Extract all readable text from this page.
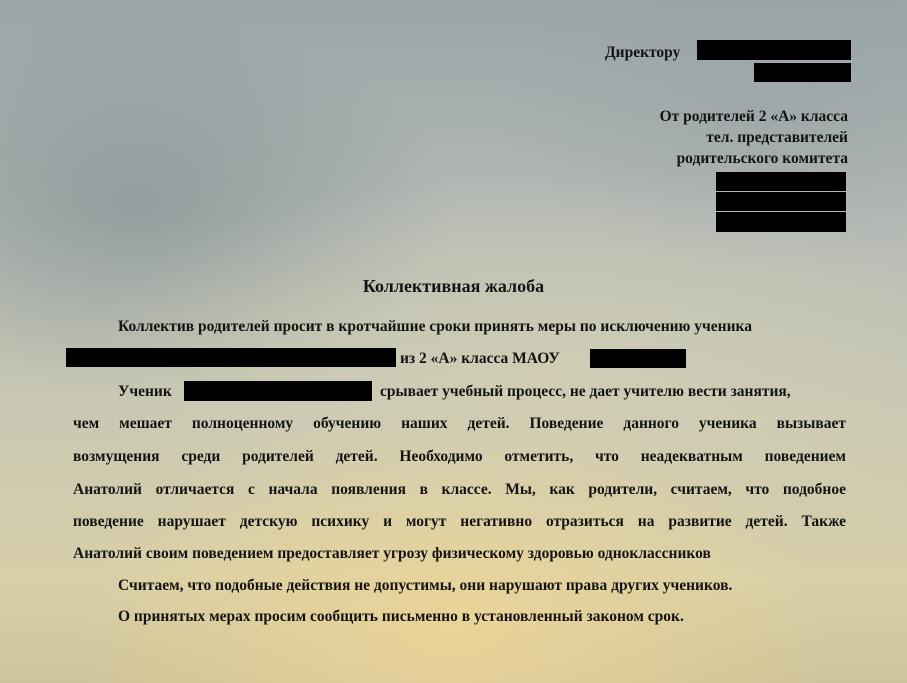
Директору
От родителей 2 «А» класса
тел. представителей
родительского комитета
Коллективная жалоба
Коллектив родителей просит в кротчайшие сроки принять меры по исключению ученика
из 2 «А» класса МАОУ
Ученик	срывает учебный процесс, не дает учителю вести занятия,
чем мешает полноценному обучению наших детей. Поведение данного ученика вызывает
возмущения среди родителей детей. Необходимо отметить, что неадекватным поведением
Анатолий отличается с начала появления в классе. Мы, как родители, считаем, что подобное
поведение нарушает детскую психику и могут негативно отразиться на развитие детей. Также
Анатолий своим поведением предоставляет угрозу физическому здоровью одноклассников
Считаем, что подобные действия не допустимы, они нарушают права других учеников.
О принятых мерах просим сообщить письменно в установленный законом срок.
